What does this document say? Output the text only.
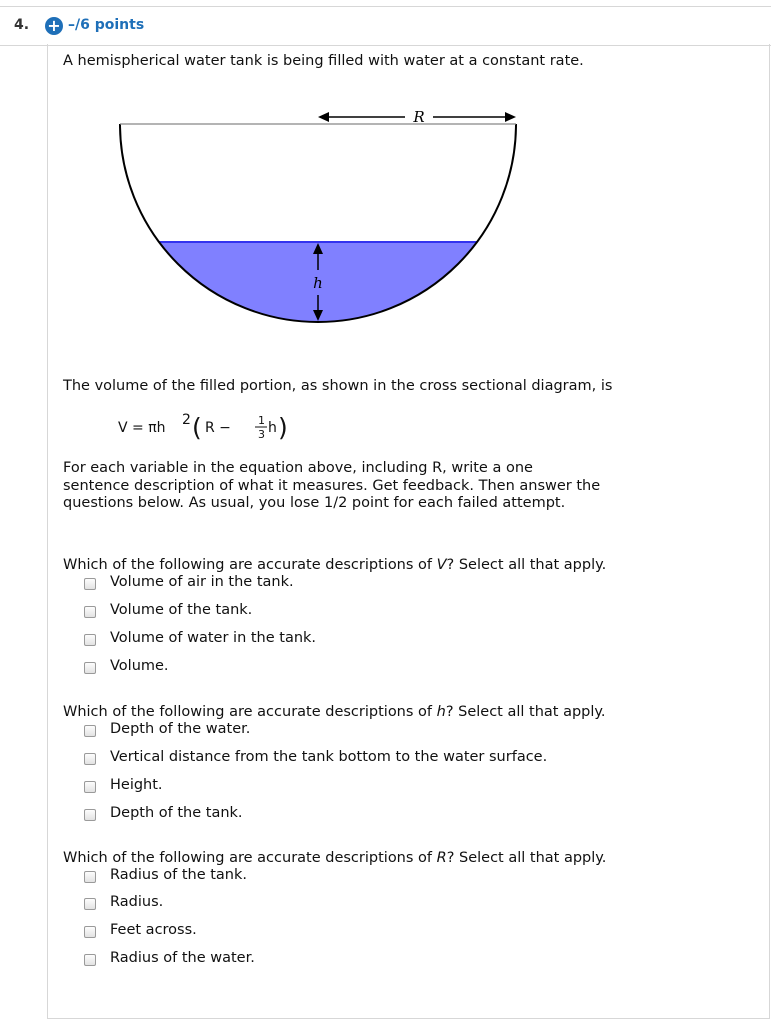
4. + –/6 points
A hemispherical water tank is being filled with water at a constant rate.
R
h
The volume of the filled portion, as shown in the cross sectional diagram, is
V = πh 2 ( R − 1
3 h )
For each variable in the equation above, including R, write a one sentence description of what it measures. Get feedback. Then answer the questions below. As usual, you lose 1/2 point for each failed attempt.
Which of the following are accurate descriptions of V? Select all that apply.
Volume of air in the tank.
Volume of the tank.
Volume of water in the tank.
Volume.
Which of the following are accurate descriptions of h? Select all that apply.
Depth of the water.
Vertical distance from the tank bottom to the water surface.
Height.
Depth of the tank.
Which of the following are accurate descriptions of R? Select all that apply.
Radius of the tank.
Radius.
Feet across.
Radius of the water.
